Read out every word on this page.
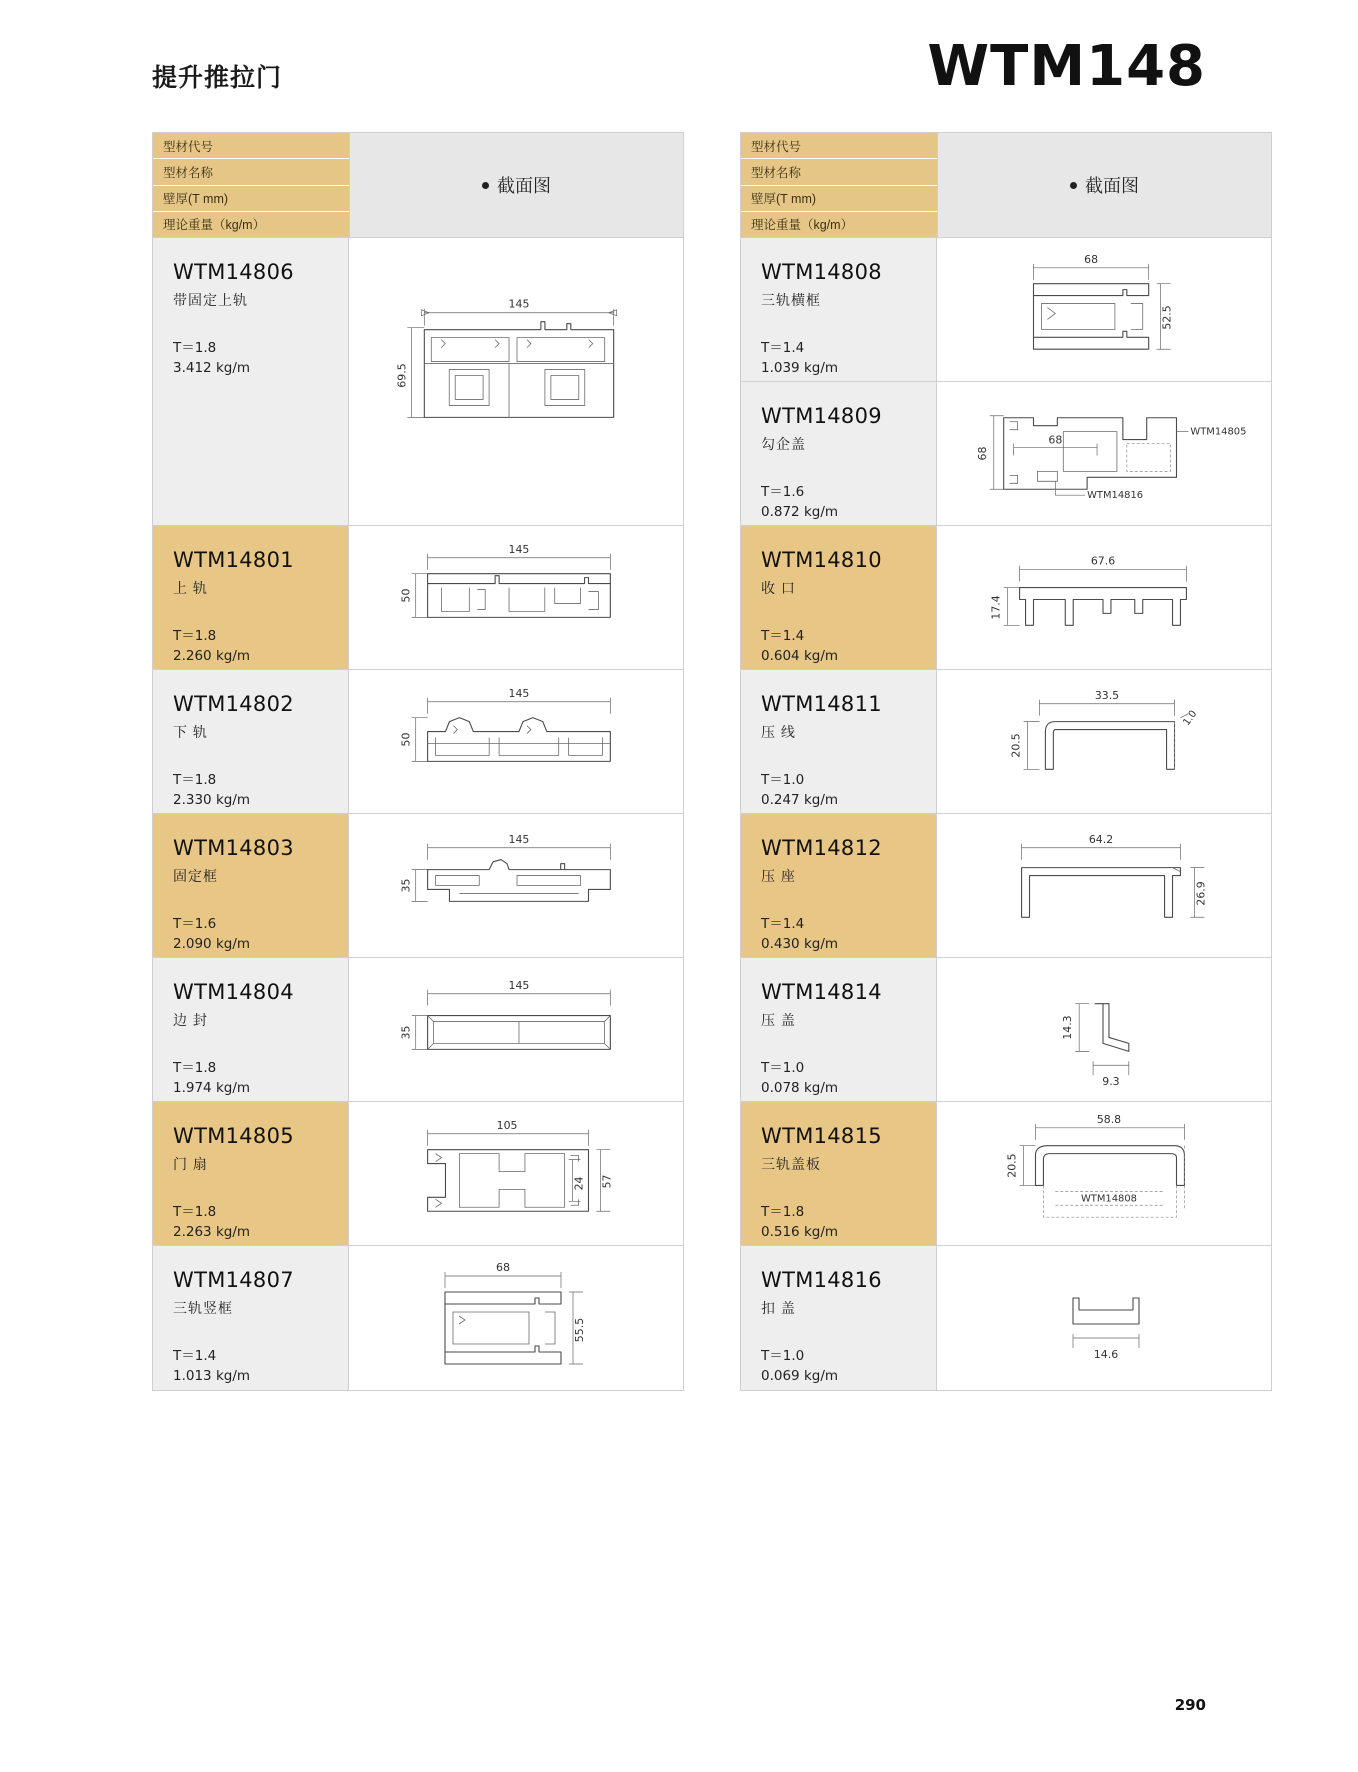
提升推拉门	WTM148
型材代号
型材名称
壁厚(T mm)
理论重量（kg/m）
截面图
WTM14806
带固定上轨
T＝1.8
3.412 kg/m
145
69.5
WTM14801
上 轨
T＝1.8
2.260 kg/m
145
50
WTM14802
下 轨
T＝1.8
2.330 kg/m
145
50
WTM14803
固定框
T＝1.6
2.090 kg/m
145
35
WTM14804
边 封
T＝1.8
1.974 kg/m
145
35
WTM14805
门 扇
T＝1.8
2.263 kg/m
105
57
24
WTM14807
三轨竖框
T＝1.4
1.013 kg/m
68
55.5
型材代号
型材名称
壁厚(T mm)
理论重量（kg/m）
截面图
WTM14808
三轨横框
T＝1.4
1.039 kg/m
68
52.5
WTM14809
勾企盖
T＝1.6
0.872 kg/m
68
68
WTM14805
WTM14816
WTM14810
收 口
T＝1.4
0.604 kg/m
67.6
17.4
WTM14811
压 线
T＝1.0
0.247 kg/m
33.5
20.5
1.0
WTM14812
压 座
T＝1.4
0.430 kg/m
64.2
26.9
WTM14814
压 盖
T＝1.0
0.078 kg/m
14.3
9.3
WTM14815
三轨盖板
T＝1.8
0.516 kg/m
58.8
20.5
WTM14808
WTM14816
扣 盖
T＝1.0
0.069 kg/m
14.6
290
